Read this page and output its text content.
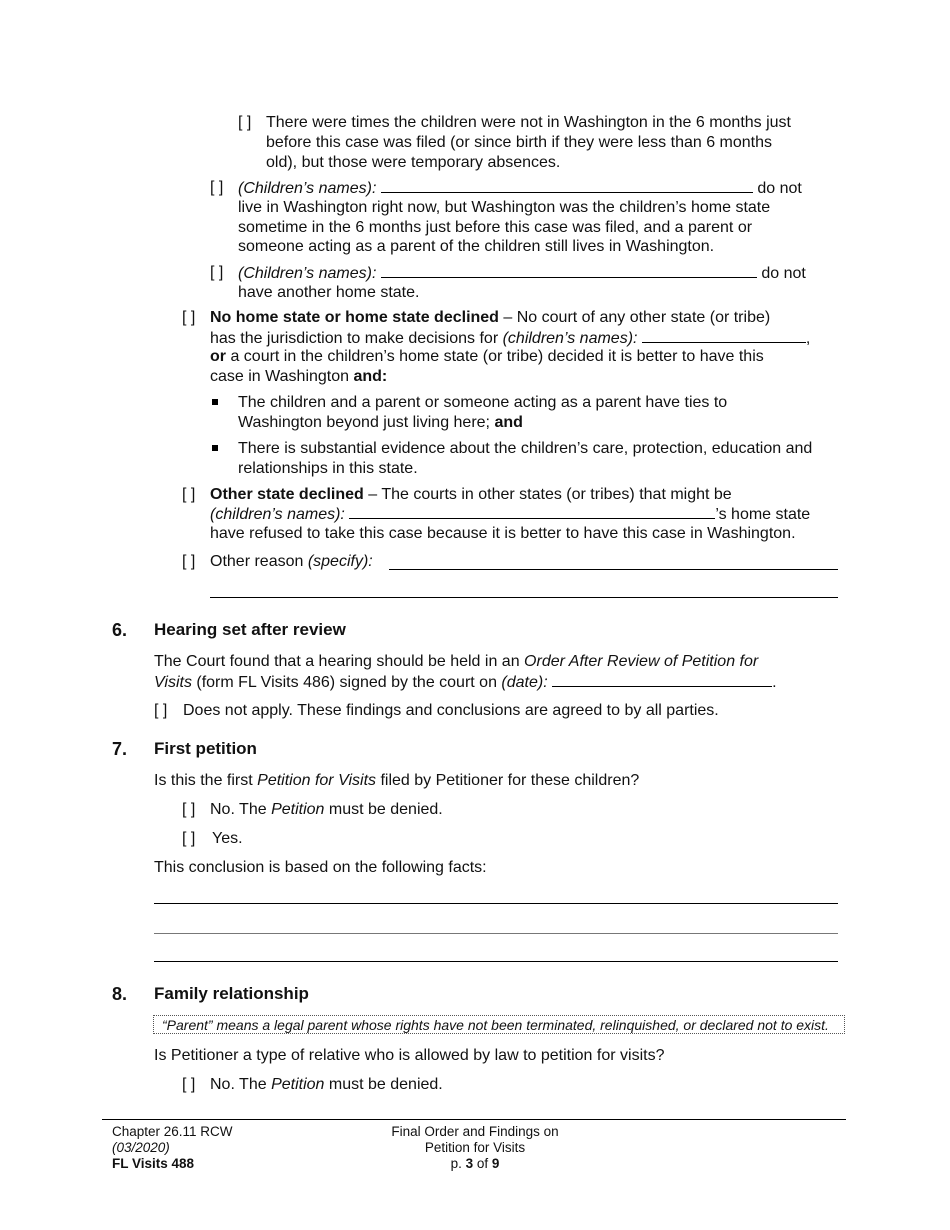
[ ] There were times the children were not in Washington in the 6 months just
before this case was filed (or since birth if they were less than 6 months
old), but those were temporary absences.
[ ] (Children’s names):	do not
live in Washington right now, but Washington was the children’s home state
sometime in the 6 months just before this case was filed, and a parent or
someone acting as a parent of the children still lives in Washington.
[ ] (Children’s names):	do not
have another home state.
[ ] No home state or home state declined – No court of any other state (or tribe)
has the jurisdiction to make decisions for (children’s names):	,
or a court in the children’s home state (or tribe) decided it is better to have this
case in Washington and:
The children and a parent or someone acting as a parent have ties to
Washington beyond just living here; and
There is substantial evidence about the children’s care, protection, education and
relationships in this state.
[ ] Other state declined – The courts in other states (or tribes) that might be
(children’s names):	’s home state
have refused to take this case because it is better to have this case in Washington.
[ ] Other reason (specify):
6. Hearing set after review
The Court found that a hearing should be held in an Order After Review of Petition for
Visits (form FL Visits 486) signed by the court on (date):	.
[ ] Does not apply. These findings and conclusions are agreed to by all parties.
7. First petition
Is this the first Petition for Visits filed by Petitioner for these children?
[ ] No. The Petition must be denied.
[ ] Yes.
This conclusion is based on the following facts:
8. Family relationship
“Parent” means a legal parent whose rights have not been terminated, relinquished, or declared not to exist.
Is Petitioner a type of relative who is allowed by law to petition for visits?
[ ] No. The Petition must be denied.
Chapter 26.11 RCW
(03/2020)
FL Visits 488
Final Order and Findings on
Petition for Visits
p. 3 of 9
